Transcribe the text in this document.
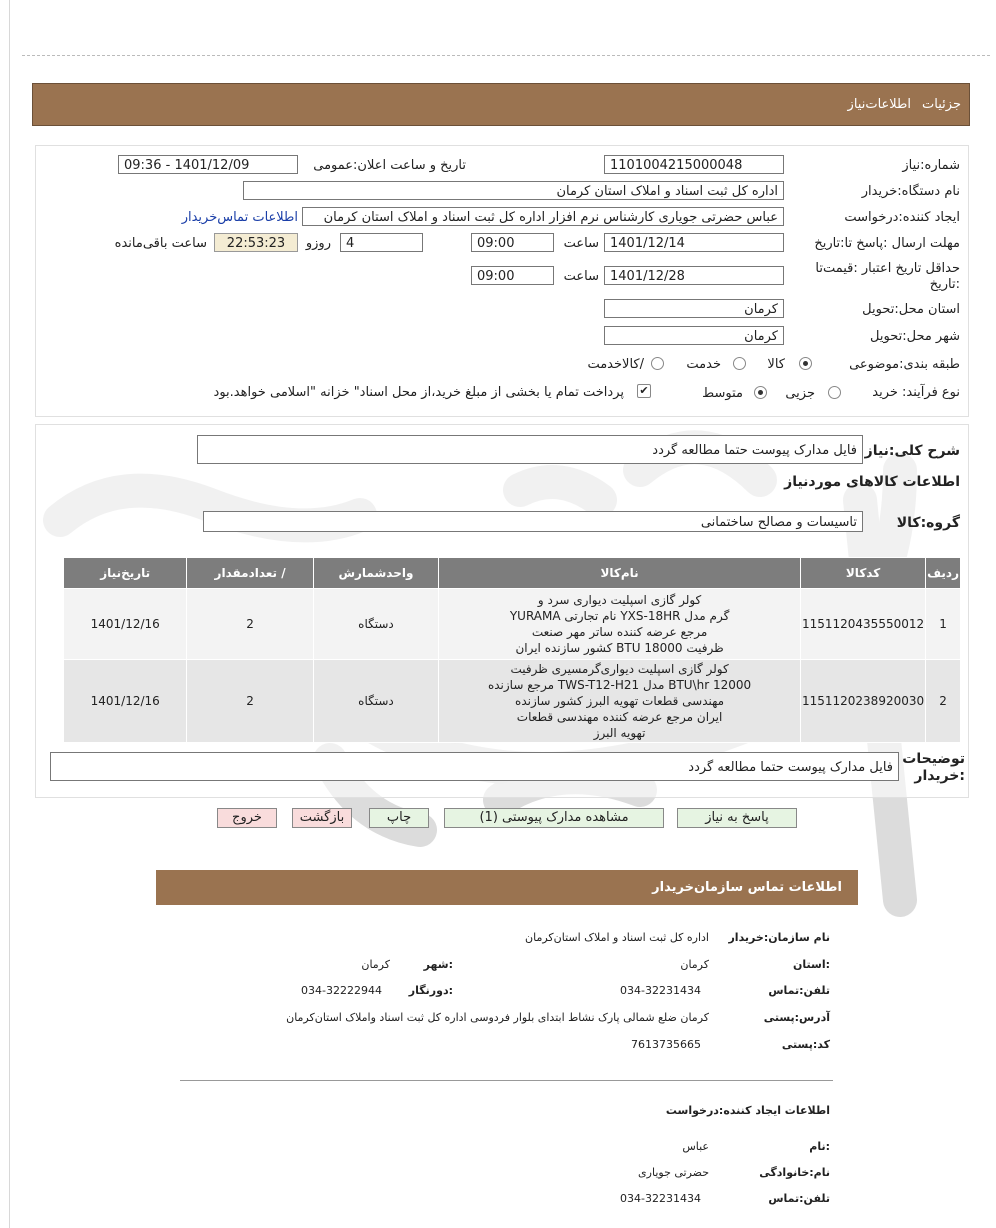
جزئیات
اطلاعات‌نیاز
شماره:نیاز
1101004215000048
تاریخ و ساعت اعلان:عمومی
1401/12/09 - 09:36
نام دستگاه:خریدار
اداره کل ثبت اسناد و املاک استان کرمان
ایجاد کننده:درخواست
عباس حضرتی جویاری کارشناس نرم افزار اداره کل ثبت اسناد و املاک استان کرمان
اطلاعات تماس‌خریدار
مهلت ارسال :پاسخ تا:تاریخ
1401/12/14
ساعت
09:00
4
روزو
22:53:23
ساعت باقی‌مانده
حداقل تاریخ اعتبار :قیمت‌تا
:تاریخ
1401/12/28
ساعت
09:00
استان محل:تحویل
کرمان
شهر محل:تحویل
کرمان
طبقه بندی:موضوعی
کالا
خدمت
/کالاخدمت
نوع فرآیند: خرید
جزیی
متوسط
✔
پرداخت تمام یا بخشی از مبلغ خرید،از محل اسناد" خزانه "اسلامی خواهد.بود
شرح کلی:نیاز
فایل مدارک پیوست حتما مطالعه گردد
اطلاعات کالاهای موردنیاز
گروه:کالا
تاسیسات و مصالح ساختمانی
ردیف	کدکالا	نام‌کالا	واحدشمارش	/ تعدادمقدار	تاریخ‌نیاز
1	1151120435550012	کولر گازی اسپلیت دیواری سرد و
گرم مدل YXS-18HR نام تجارتی YURAMA
مرجع عرضه کننده ساتر مهر صنعت
ظرفیت 18000 BTU کشور سازنده ایران	دستگاه	2	1401/12/16
2	1151120238920030	کولر گازی اسپلیت دیواری‌گرمسیری ظرفیت
12000 BTU\hr مدل TWS-T12-H21 مرجع سازنده
مهندسی قطعات تهویه البرز کشور سازنده
ایران مرجع عرضه کننده مهندسی قطعات
تهویه البرز	دستگاه	2	1401/12/16
توضیحات
:خریدار
فایل مدارک پیوست حتما مطالعه گردد
پاسخ به نیاز
مشاهده مدارک پیوستی (1)
چاپ
بازگشت
خروج
اطلاعات تماس سازمان‌خریدار
نام سازمان:خریدار
اداره کل ثبت اسناد و املاک استان‌کرمان
:استان
کرمان
:شهر
کرمان
تلفن:تماس
034-32231434
:دورنگار
034-32222944
آدرس:پستی
کرمان ضلع شمالی پارک نشاط ابتدای بلوار فردوسی اداره کل ثبت اسناد واملاک استان‌کرمان
کد:پستی
7613735665
اطلاعات ایجاد کننده:درخواست
:نام
عباس
نام:خانوادگی
حضرتی جویاری
تلفن:تماس
034-32231434
